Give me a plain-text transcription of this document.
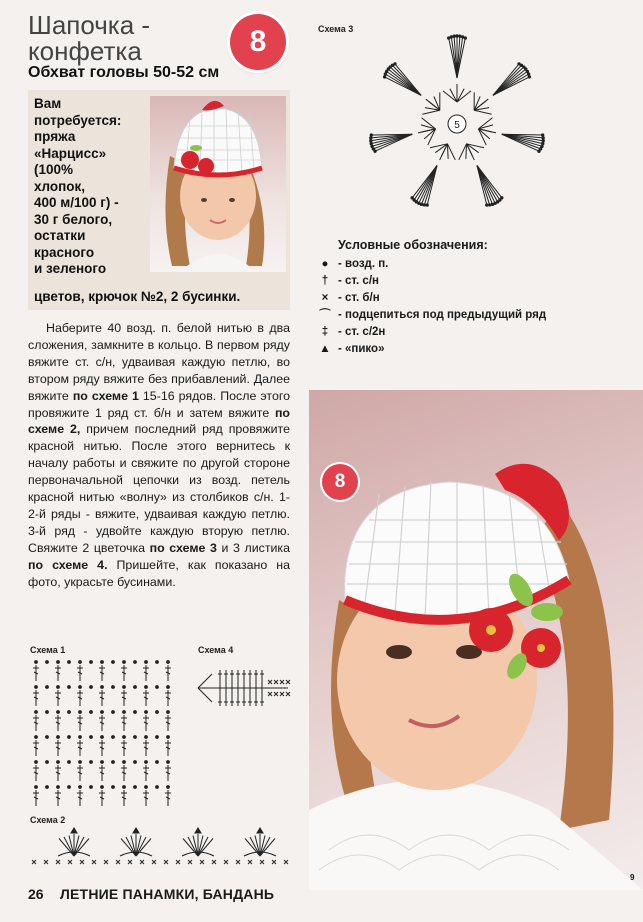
Шапочка -
конфетка
Обхват головы 50-52 см
8
Вам
потребуется:
пряжа
«Нарцисс»
(100%
хлопок,
400 м/100 г) -
30 г белого,
остатки
красного
и зеленого
цветов, крючок №2, 2 бусинки.

Наберите 40 возд. п. белой нитью в два сложения, замкните в кольцо. В первом ряду вяжите ст. с/н, удваивая каждую петлю, во втором ряду вяжите без прибавлений. Далее вяжите по схеме 1 15-16 рядов. После этого провяжите 1 ряд ст. б/н и затем вяжите по схеме 2, причем последний ряд провяжите красной нитью. После этого вернитесь к началу работы и свяжите по другой стороне первоначальной цепочки из возд. петель красной нитью «волну» из столбиков с/н. 1-2-й ряды - вяжите, удваивая каждую петлю. 3-й ряд - удвойте каждую вторую петлю. Свяжите 2 цветочка по схеме 3 и 3 листика по схеме 4. Пришейте, как показано на фото, украсьте бусинами.

Схема 1	Схема 4
Схема 2
Схема 3
5
Условные обозначения:
● - возд. п.
† - ст. с/н
× - ст. б/н
⌒ - подцепиться под предыдущий ряд
‡ - ст. с/2н
▲ - «пико»
8
9
26 ЛЕТНИЕ ПАНАМКИ, БАНДАНЬ
